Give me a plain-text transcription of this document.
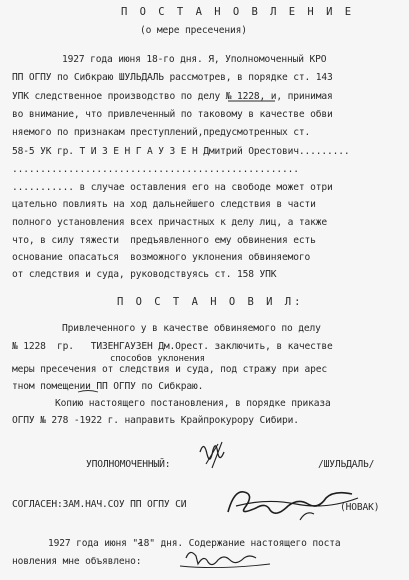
П О С Т А Н О В Л Е Н И Е
(о мере пресечения)
1927 года июня 18-го дня. Я, Уполномоченный КРО
ПП ОГПУ по Сибкраю ШУЛЬДАЛЬ рассмотрев, в порядке ст. 143
УПК следственное производство по делу № 1228, и, принимая
во внимание, что привлеченный по таковому в качестве обви
няемого по признакам преступлений,предусмотренных ст.
58-5 УК гр. Т И З Е Н Г А У З Е Н Дмитрий Орестович.........
...................................................
........... в случае оставления его на свободе может отри
цательно повлиять на ход дальнейшего следствия в части
полного установления всех причастных к делу лиц, а также
что, в силу тяжести  предъявленного ему обвинения есть
основание опасаться  возможного уклонения обвиняемого
от следствия и суда, руководствуясь ст. 158 УПК
П О С Т А Н О В И Л:
Привлеченного у в качестве обвиняемого по делу
№ 1228  гр.   ТИЗЕНГАУЗЕН Дм.Орест. заключить, в качестве
способов уклонения
меры пресечения от следствия и суда, под стражу при арес
тном помещении ПП ОГПУ по Сибкраю.
Копию настоящего постановления, в порядке приказа
ОГПУ № 278 -1922 г. направить Крайпрокурору Сибири.
УПОЛНОМОЧЕННЫЙ:	/ШУЛЬДАЛЬ/
СОГЛАСЕН:ЗАМ.НАЧ.СОУ ПП ОГПУ СИ	(НОВАК)
1927 года июня "18" дня. Содержание настоящего поста
новления мне объявлено:
